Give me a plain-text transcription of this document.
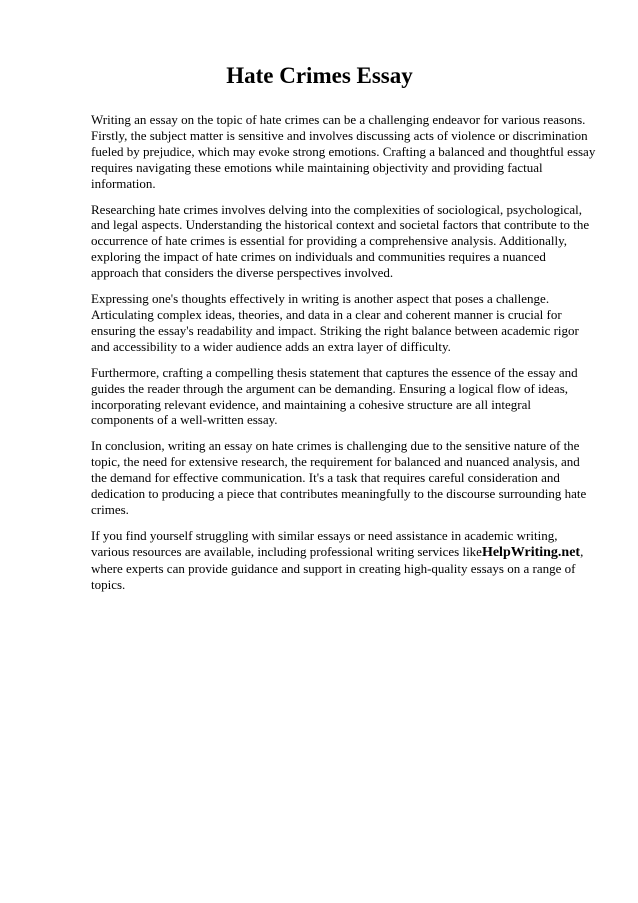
Hate Crimes Essay

Writing an essay on the topic of hate crimes can be a challenging endeavor for various reasons. Firstly, the subject matter is sensitive and involves discussing acts of violence or discrimination fueled by prejudice, which may evoke strong emotions. Crafting a balanced and thoughtful essay requires navigating these emotions while maintaining objectivity and providing factual information.

Researching hate crimes involves delving into the complexities of sociological, psychological, and legal aspects. Understanding the historical context and societal factors that contribute to the occurrence of hate crimes is essential for providing a comprehensive analysis. Additionally, exploring the impact of hate crimes on individuals and communities requires a nuanced approach that considers the diverse perspectives involved.

Expressing one's thoughts effectively in writing is another aspect that poses a challenge. Articulating complex ideas, theories, and data in a clear and coherent manner is crucial for ensuring the essay's readability and impact. Striking the right balance between academic rigor and accessibility to a wider audience adds an extra layer of difficulty.

Furthermore, crafting a compelling thesis statement that captures the essence of the essay and guides the reader through the argument can be demanding. Ensuring a logical flow of ideas, incorporating relevant evidence, and maintaining a cohesive structure are all integral components of a well-written essay.

In conclusion, writing an essay on hate crimes is challenging due to the sensitive nature of the topic, the need for extensive research, the requirement for balanced and nuanced analysis, and the demand for effective communication. It's a task that requires careful consideration and dedication to producing a piece that contributes meaningfully to the discourse surrounding hate crimes.

If you find yourself struggling with similar essays or need assistance in academic writing, various resources are available, including professional writing services likeHelpWriting.net, where experts can provide guidance and support in creating high-quality essays on a range of topics.
